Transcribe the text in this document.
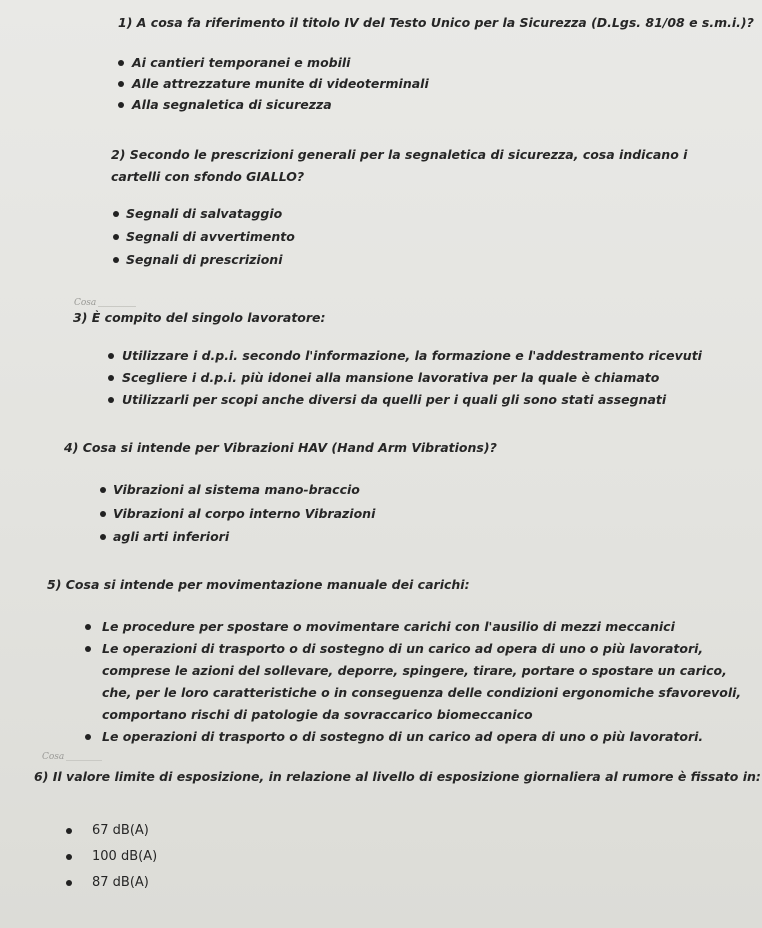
1) A cosa fa riferimento il titolo IV del Testo Unico per la Sicurezza (D.Lgs. 81/08 e s.m.i.)?

Ai cantieri temporanei e mobili

Alle attrezzature munite di videoterminali

Alla segnaletica di sicurezza

2) Secondo le prescrizioni generali per la segnaletica di sicurezza, cosa indicano i cartelli con sfondo GIALLO?

Segnali di salvataggio

Segnali di avvertimento

Segnali di prescrizioni

Cosa

3) È compito del singolo lavoratore:

Utilizzare i d.p.i. secondo l'informazione, la formazione e l'addestramento ricevuti

Scegliere i d.p.i. più idonei alla mansione lavorativa per la quale è chiamato

Utilizzarli per scopi anche diversi da quelli per i quali gli sono stati assegnati

4) Cosa si intende per Vibrazioni HAV (Hand Arm Vibrations)?

Vibrazioni al sistema mano-braccio

Vibrazioni al corpo interno Vibrazioni

agli arti inferiori

5) Cosa si intende per movimentazione manuale dei carichi:

Le procedure per spostare o movimentare carichi con l'ausilio di mezzi meccanici

Le operazioni di trasporto o di sostegno di un carico ad opera di uno o più lavoratori, comprese le azioni del sollevare, deporre, spingere, tirare, portare o spostare un carico, che, per le loro caratteristiche o in conseguenza delle condizioni ergonomiche sfavorevoli, comportano rischi di patologie da sovraccarico biomeccanico

Le operazioni di trasporto o di sostegno di un carico ad opera di uno o più lavoratori.

Cosa

6) Il valore limite di esposizione, in relazione al livello di esposizione giornaliera al rumore è fissato in:

67 dB(A)

100 dB(A)

87 dB(A)
